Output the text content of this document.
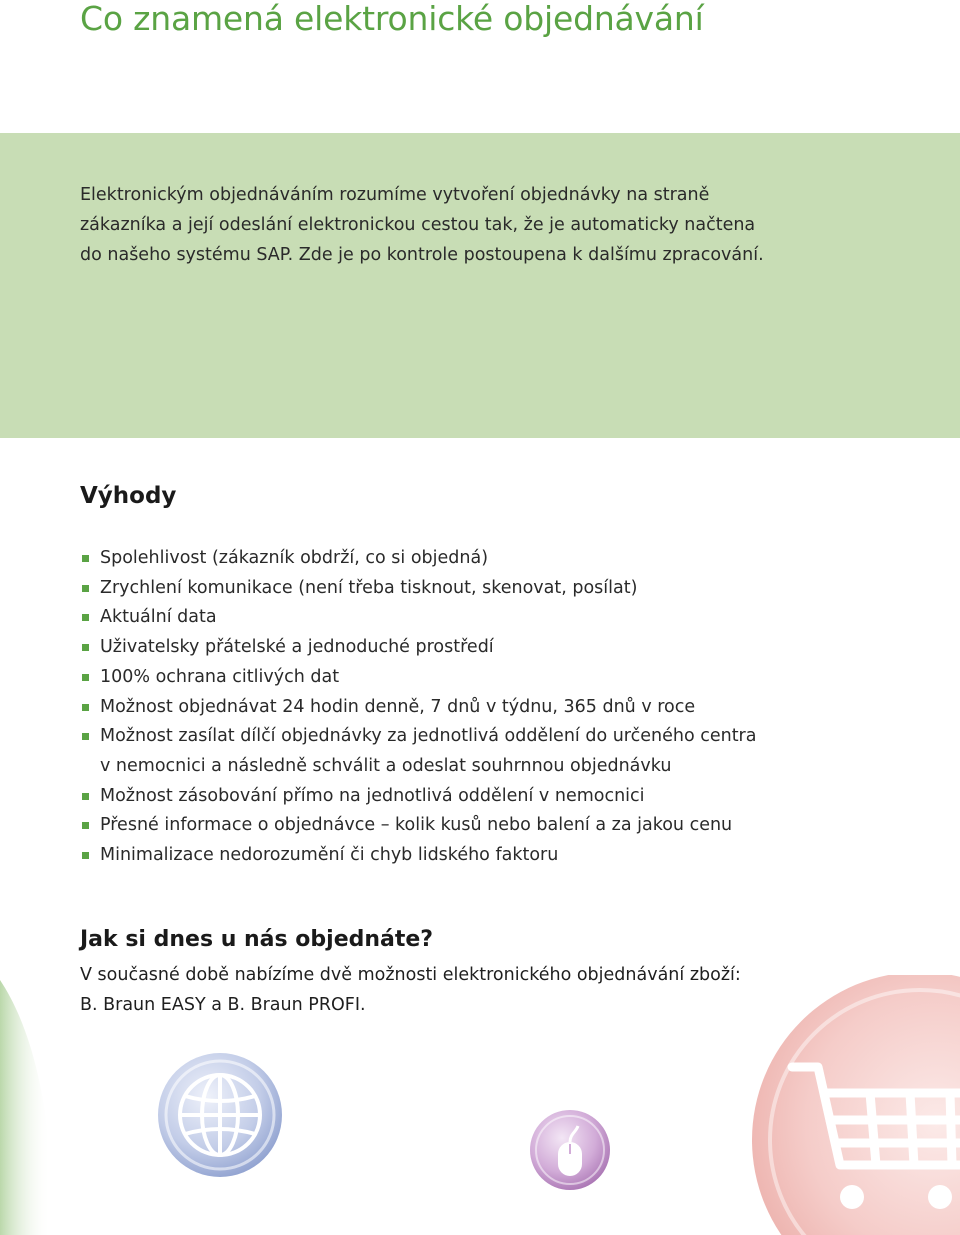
Co znamená elektronické objednávání

Elektronickým objednáváním rozumíme vytvoření objednávky na straně
zákazníka a její odeslání elektronickou cestou tak, že je automaticky načtena
do našeho systému SAP. Zde je po kontrole postoupena k dalšímu zpracování.

Výhody
Spolehlivost (zákazník obdrží, co si objedná)
Zrychlení komunikace (není třeba tisknout, skenovat, posílat)
Aktuální data
Uživatelsky přátelské a jednoduché prostředí
100% ochrana citlivých dat
Možnost objednávat 24 hodin denně, 7 dnů v týdnu, 365 dnů v roce
Možnost zasílat dílčí objednávky za jednotlivá oddělení do určeného centra
v nemocnici a následně schválit a odeslat souhrnnou objednávku
Možnost zásobování přímo na jednotlivá oddělení v nemocnici
Přesné informace o objednávce – kolik kusů nebo balení a za jakou cenu
Minimalizace nedorozumění či chyb lidského faktoru
Jak si dnes u nás objednáte?

V současné době nabízíme dvě možnosti elektronického objednávání zboží:
B. Braun EASY a B. Braun PROFI.
